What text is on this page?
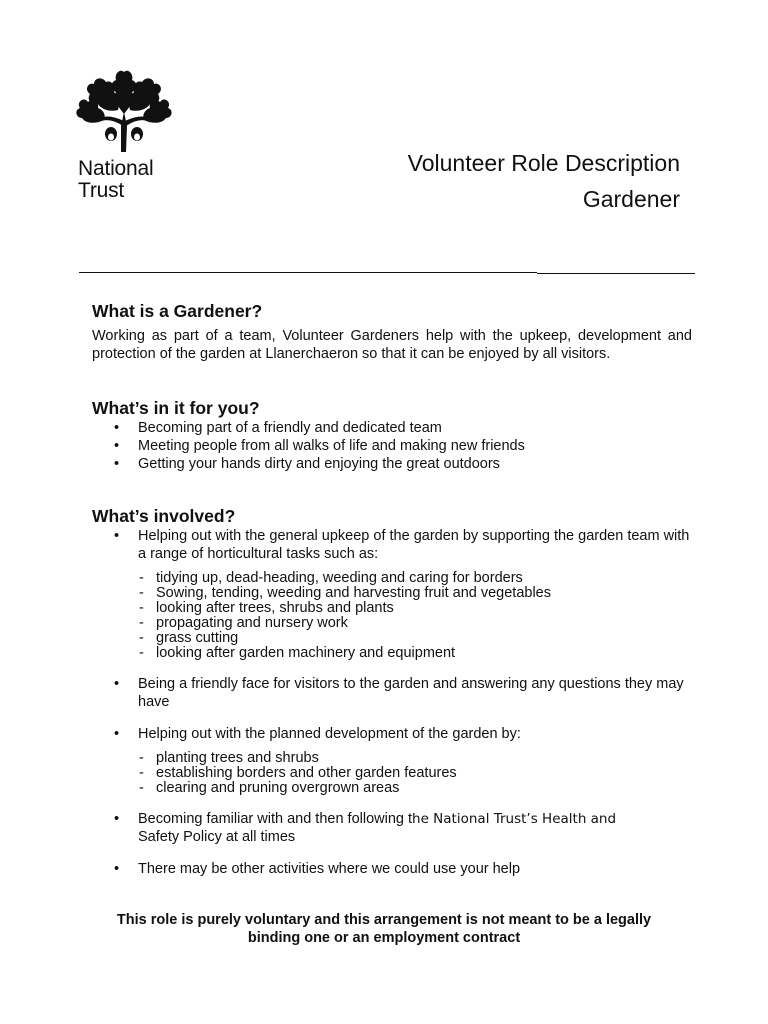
National
Trust
Volunteer Role Description
Gardener
What is a Gardener?

Working as part of a team, Volunteer Gardeners help with the upkeep, development and protection of the garden at Llanerchaeron so that it can be enjoyed by all visitors.

What’s in it for you?
• Becoming part of a friendly and dedicated team
• Meeting people from all walks of life and making new friends
• Getting your hands dirty and enjoying the great outdoors
What’s involved?
• Helping out with the general upkeep of the garden by supporting the garden team with a range of horticultural tasks such as:
- tidying up, dead-heading, weeding and caring for borders
- Sowing, tending, weeding and harvesting fruit and vegetables
- looking after trees, shrubs and plants
- propagating and nursery work
- grass cutting
- looking after garden machinery and equipment
• Being a friendly face for visitors to the garden and answering any questions they may have
• Helping out with the planned development of the garden by:
- planting trees and shrubs
- establishing borders and other garden features
- clearing and pruning overgrown areas
• Becoming familiar with and then following the National Trust’s Health and
Safety Policy at all times
• There may be other activities where we could use your help
This role is purely voluntary and this arrangement is not meant to be a legally binding one or an employment contract
